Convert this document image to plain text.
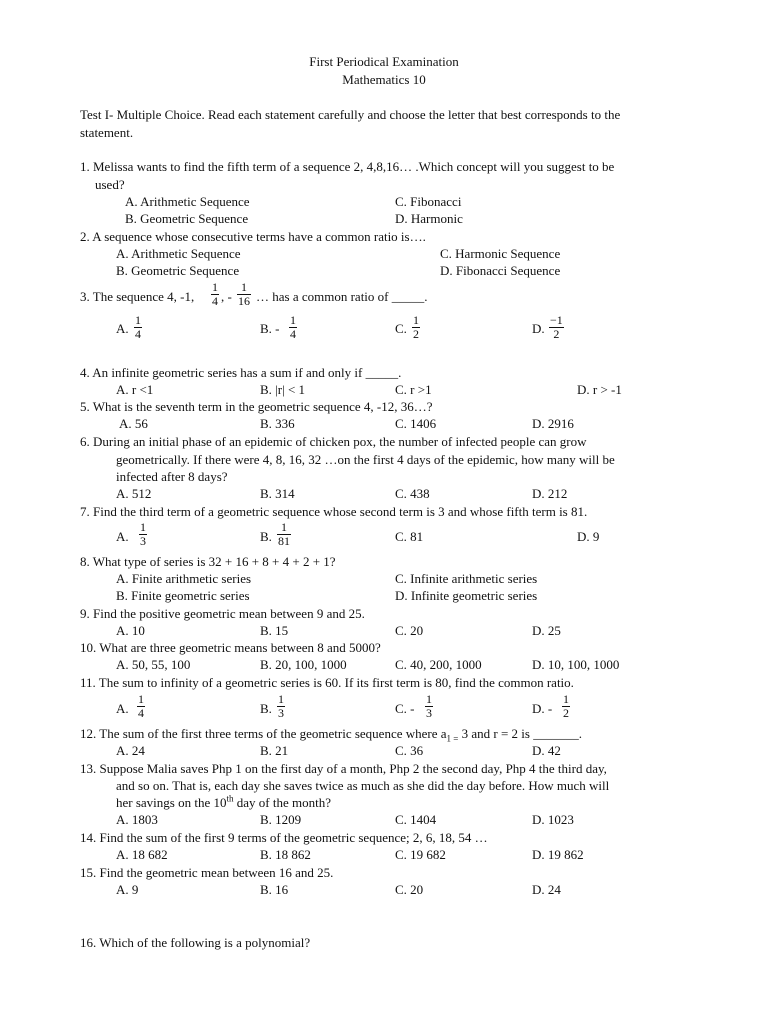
First Periodical Examination
Mathematics 10
Test I- Multiple Choice. Read each statement carefully and choose the letter that best corresponds to the
statement.
1. Melissa wants to find the fifth term of a sequence 2, 4,8,16… .Which concept will you suggest to be
used?
A. Arithmetic Sequence	C. Fibonacci
B. Geometric Sequence	D. Harmonic
2. A sequence whose consecutive terms have a common ratio is….
A. Arithmetic Sequence	C. Harmonic Sequence
B. Geometric Sequence	D. Fibonacci Sequence
3. The sequence 4, -1, $\frac{1}{4}$ , - $\frac{1}{16}$ … has a common ratio of _____.
A. $\frac{1}{4}$	B. - $\frac{1}{4}$	C. $\frac{1}{2}$	D. $\frac{-1}{2}$
4. An infinite geometric series has a sum if and only if _____.
A. r <1	B. |r| < 1	C. r >1	D. r > -1
5. What is the seventh term in the geometric sequence 4, -12, 36…?
A. 56	B. 336	C. 1406	D. 2916
6. During an initial phase of an epidemic of chicken pox, the number of infected people can grow
geometrically. If there were 4, 8, 16, 32 …on the first 4 days of the epidemic, how many will be
infected after 8 days?
A. 512	B. 314	C. 438	D. 212
7. Find the third term of a geometric sequence whose second term is 3 and whose fifth term is 81.
A. $\frac{1}{3}$	B. $\frac{1}{81}$	C. 81	D. 9
8. What type of series is 32 + 16 + 8 + 4 + 2 + 1?
A. Finite arithmetic series	C. Infinite arithmetic series
B. Finite geometric series	D. Infinite geometric series
9. Find the positive geometric mean between 9 and 25.
A. 10	B. 15	C. 20	D. 25
10. What are three geometric means between 8 and 5000?
A. 50, 55, 100	B. 20, 100, 1000	C. 40, 200, 1000	D. 10, 100, 1000
11. The sum to infinity of a geometric series is 60. If its first term is 80, find the common ratio.
A. $\frac{1}{4}$	B. $\frac{1}{3}$	C. - $\frac{1}{3}$	D. - $\frac{1}{2}$
12. The sum of the first three terms of the geometric sequence where $a_{1 =}$ 3 and r = 2 is _______.
A. 24	B. 21	C. 36	D. 42
13. Suppose Malia saves Php 1 on the first day of a month, Php 2 the second day, Php 4 the third day,
and so on. That is, each day she saves twice as much as she did the day before. How much will
her savings on the 10th day of the month?
A. 1803	B. 1209	C. 1404	D. 1023
14. Find the sum of the first 9 terms of the geometric sequence; 2, 6, 18, 54 …
A. 18 682	B. 18 862	C. 19 682	D. 19 862
15. Find the geometric mean between 16 and 25.
A. 9	B. 16	C. 20	D. 24
16. Which of the following is a polynomial?
